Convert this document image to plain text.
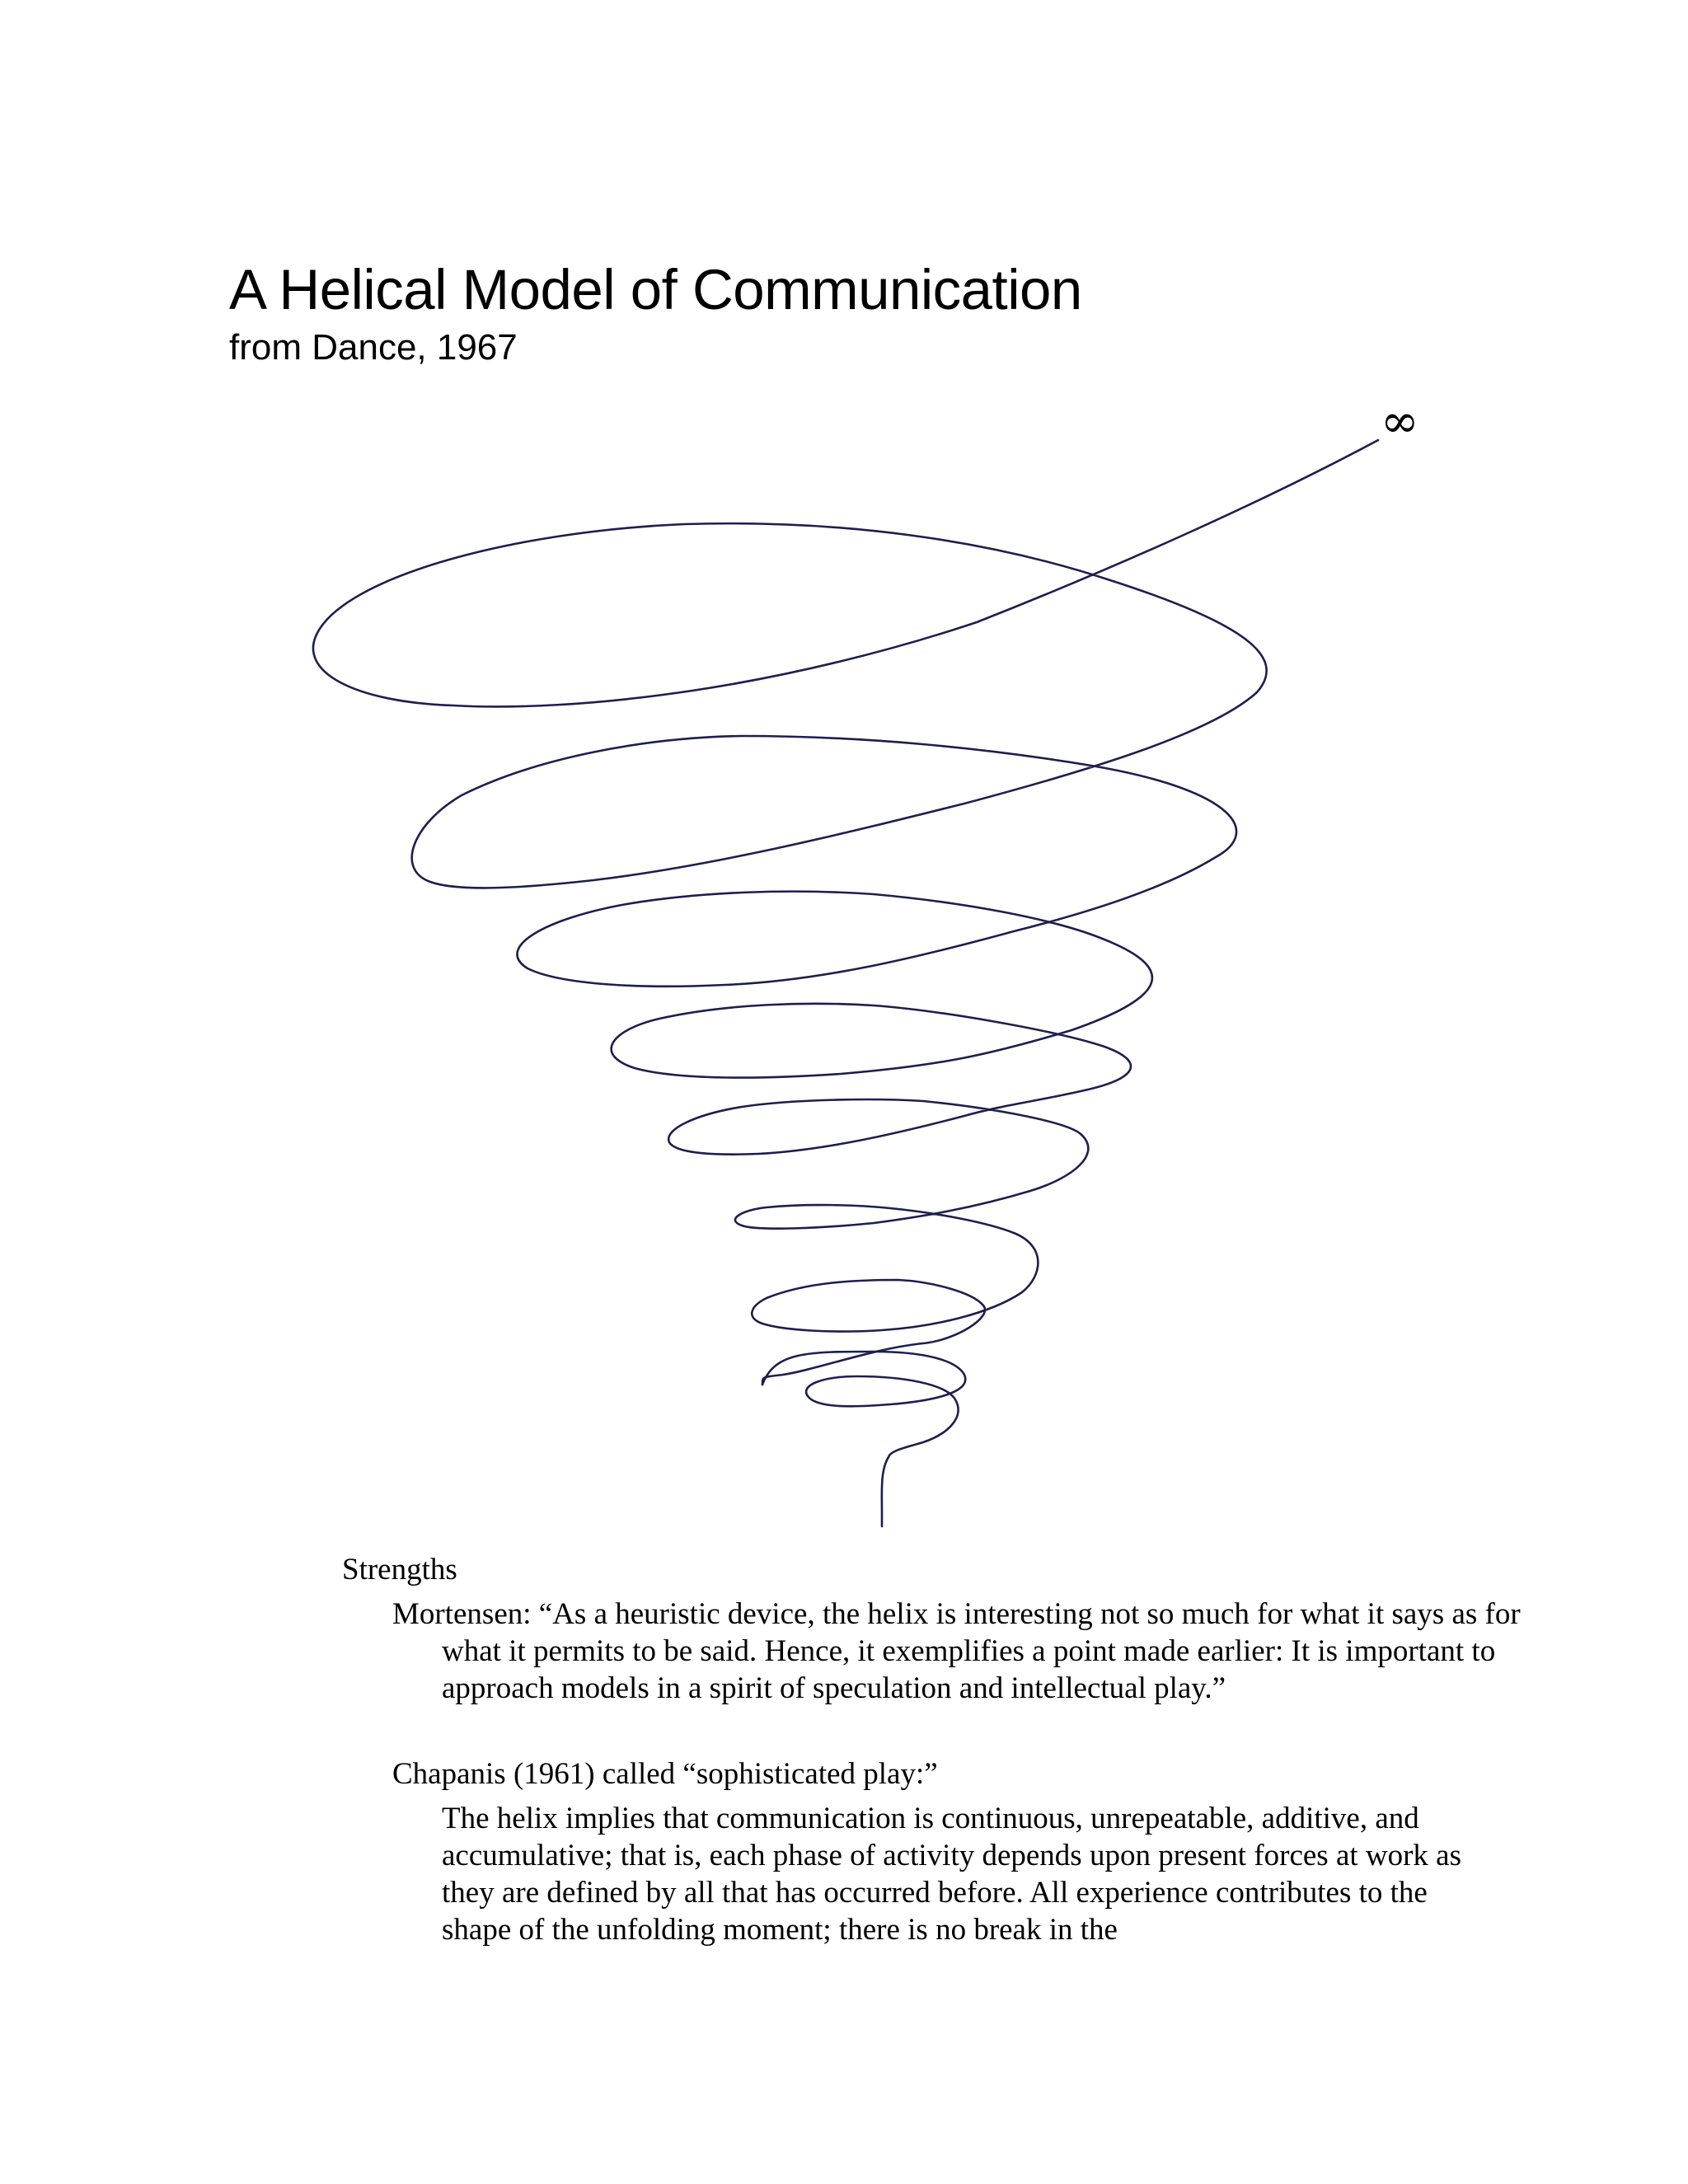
A Helical Model of Communication
from Dance, 1967
∞
Strengths
Mortensen: “As a heuristic device, the helix is interesting not so much for what it says as for what it permits to be said. Hence, it exemplifies a point made earlier: It is important to approach models in a spirit of speculation and intellectual play.”
Chapanis (1961) called “sophisticated play:”
The helix implies that communication is continuous, unrepeatable, additive, and accumulative; that is, each phase of activity depends upon present forces at work as they are defined by all that has occurred before. All experience contributes to the shape of the unfolding moment; there is no break in the
